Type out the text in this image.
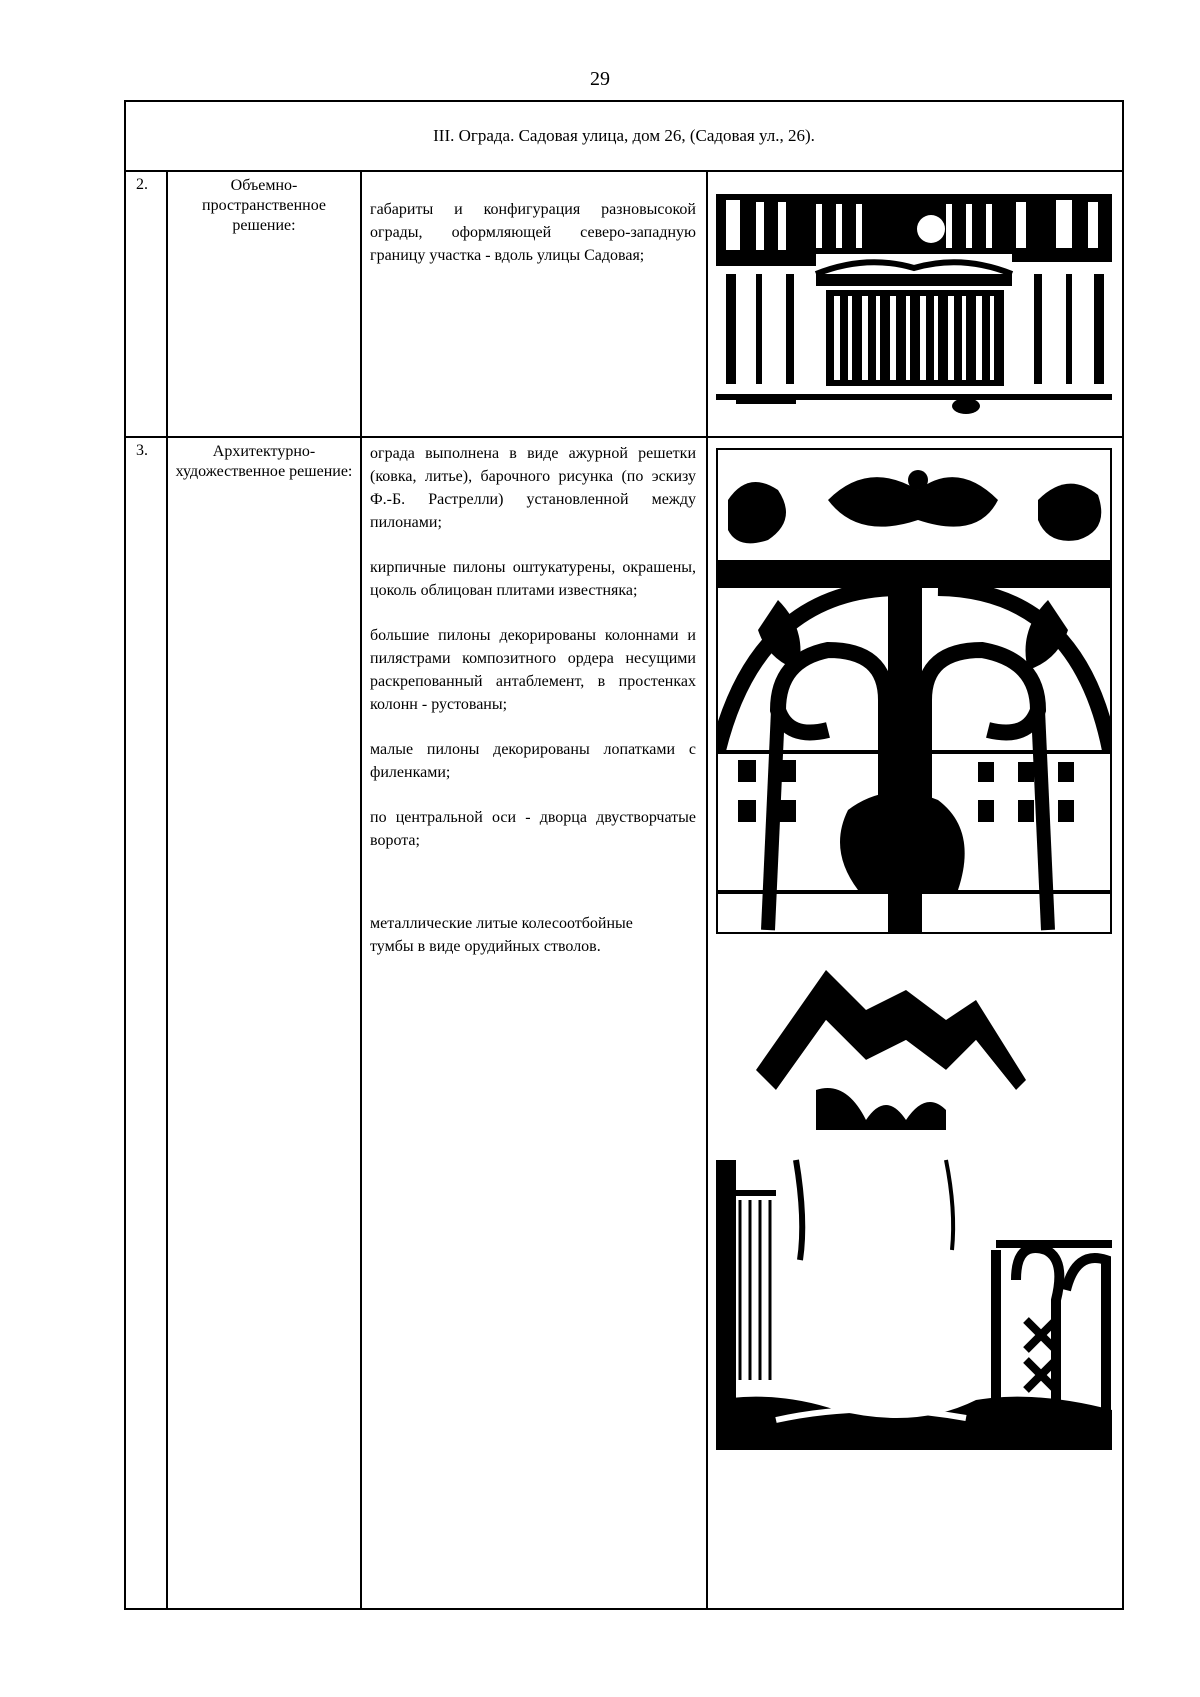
29
III. Ограда. Садовая улица, дом 26, (Садовая ул., 26).
2.	Объемно-пространственное решение:

габариты и конфигурация разновысокой ограды, оформляющей северо-западную границу участка - вдоль улицы Садовая;

3.	Архитектурно-художественное решение:

ограда выполнена в виде ажурной решетки (ковка, литье), барочного рисунка (по эскизу Ф.-Б. Растрелли) установленной между пилонами;

кирпичные пилоны оштукатурены, окрашены, цоколь облицован плитами известняка;

большие пилоны декорированы колоннами и пилястрами композитного ордера несущими раскрепованный антаблемент, в простенках колонн - рустованы;

малые пилоны декорированы лопатками с филенками;

по центральной оси - дворца двустворчатые ворота;

металлические литые колесоотбойные тумбы в виде орудийных стволов.
